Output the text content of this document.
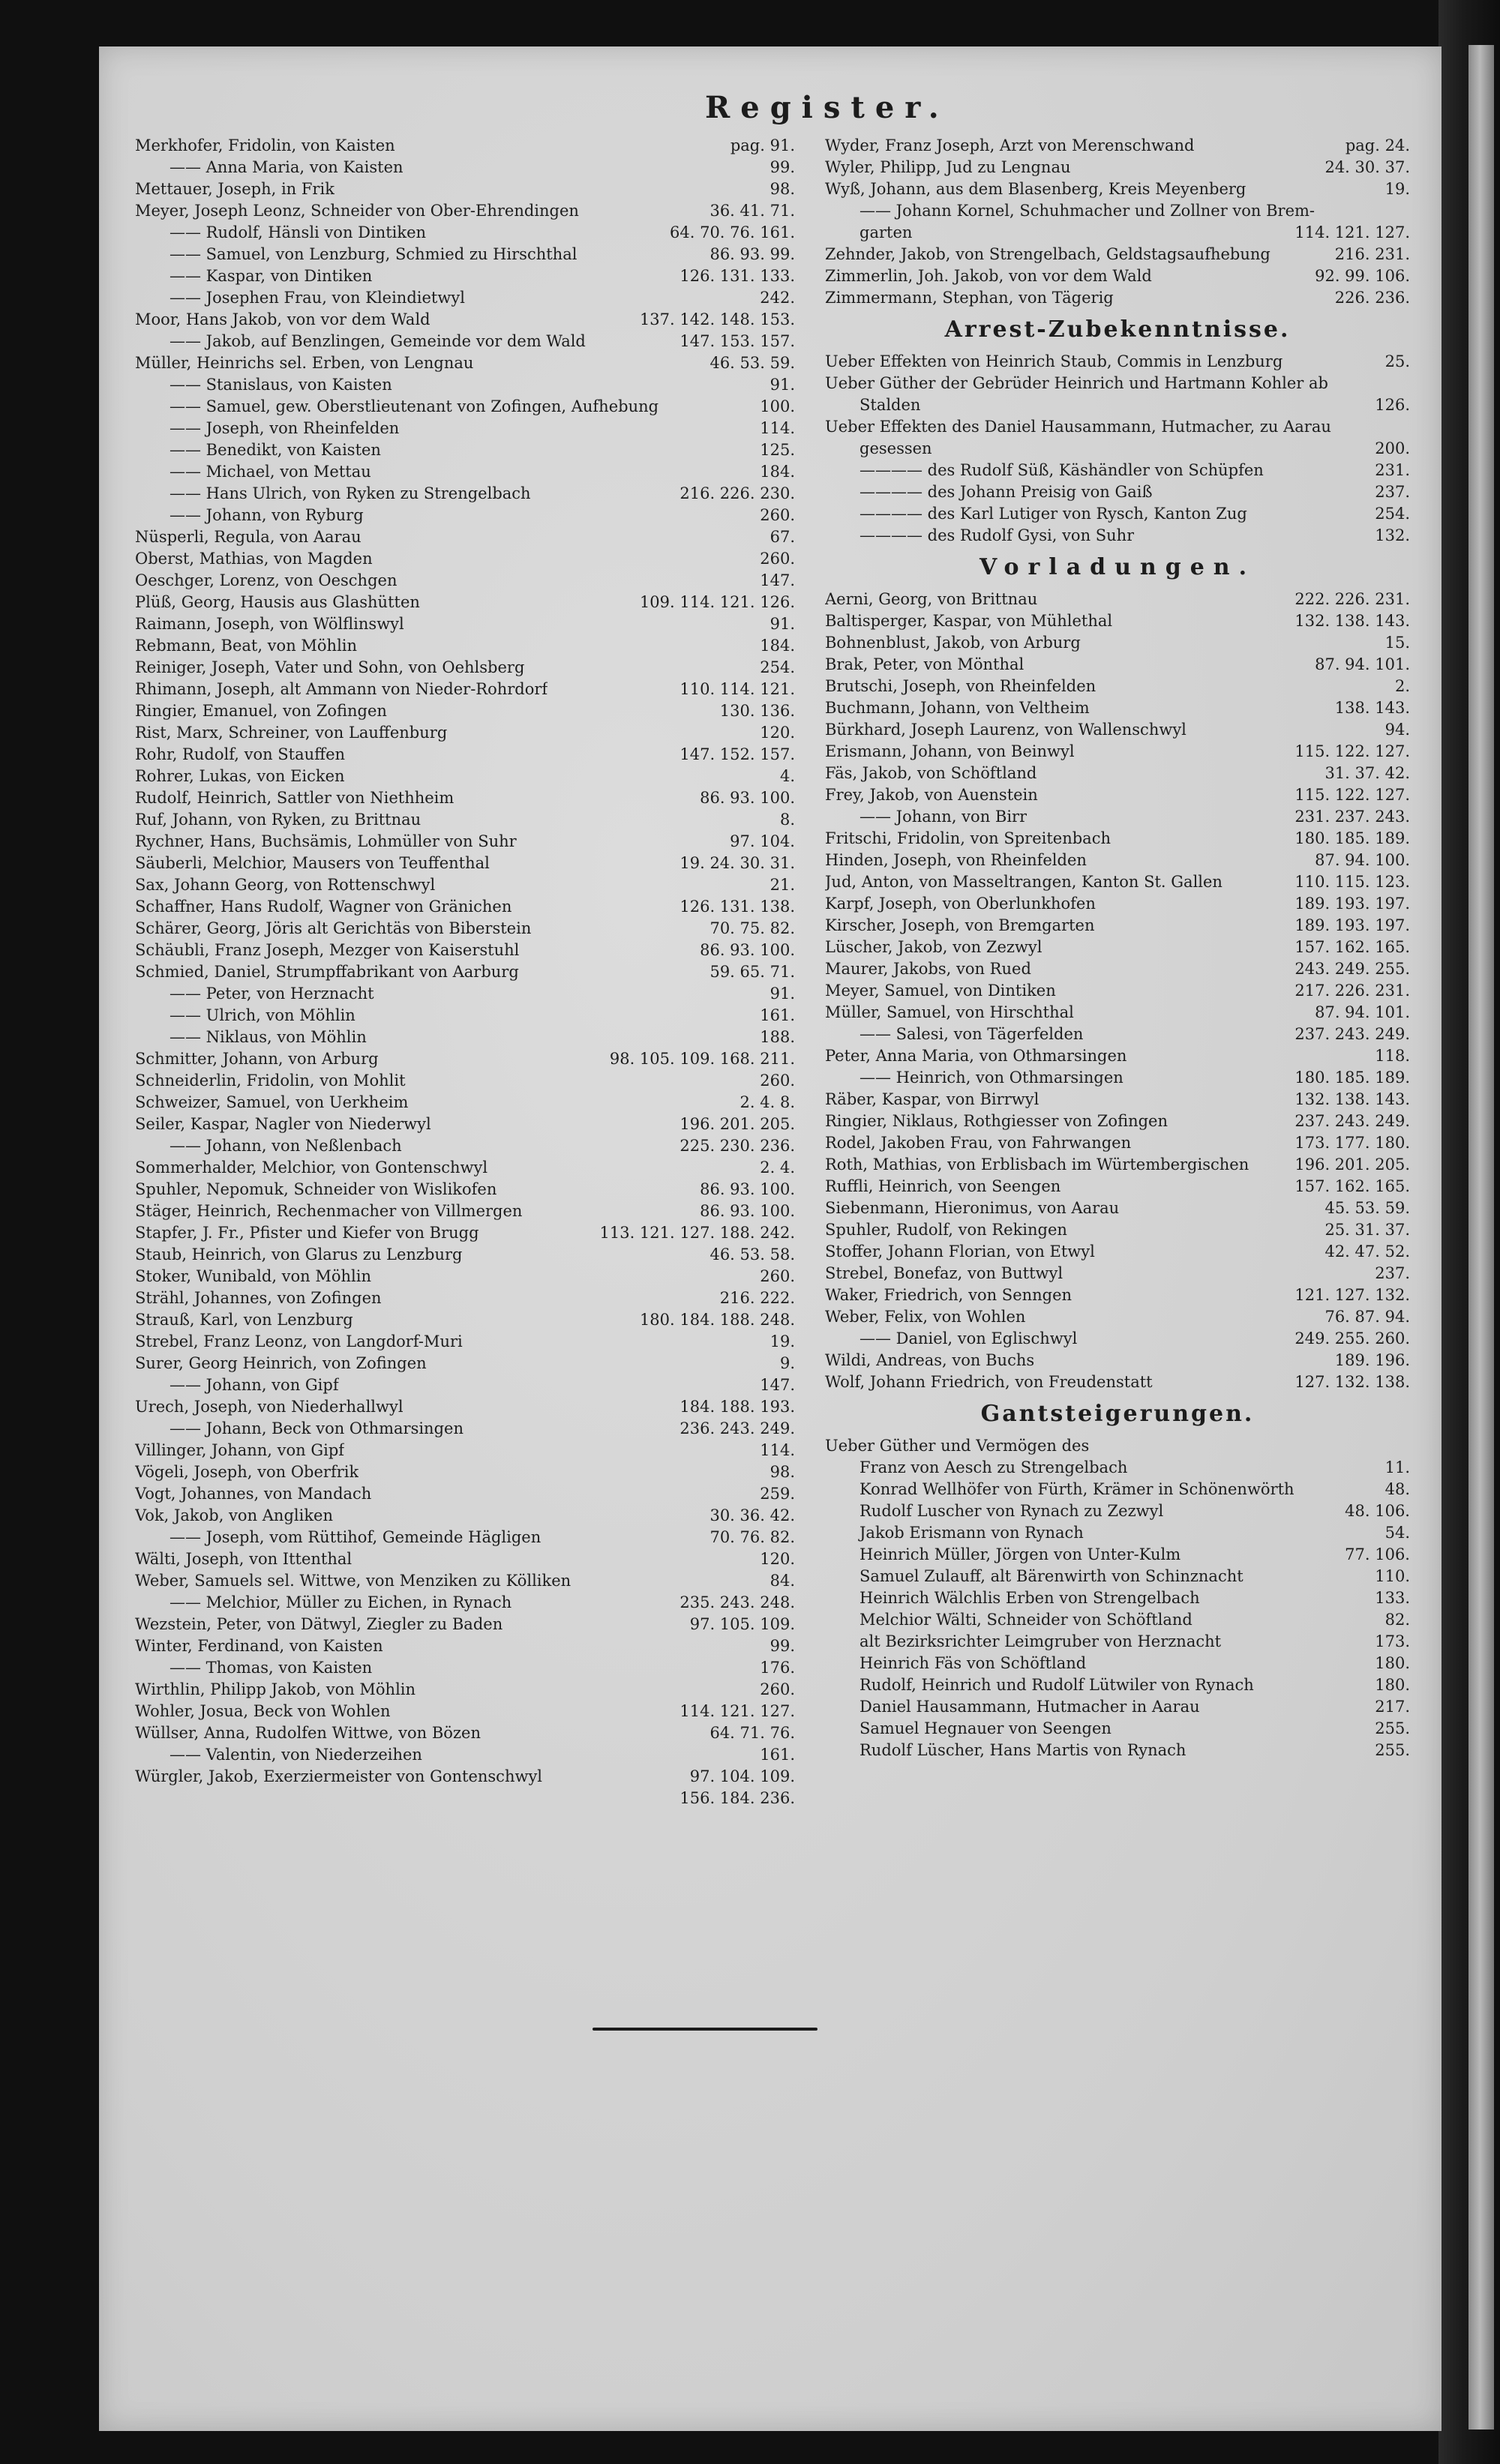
Register.
Merkhofer, Fridolin, von Kaisten	pag. 91.
—— Anna Maria, von Kaisten	99.
Mettauer, Joseph, in Frik	98.
Meyer, Joseph Leonz, Schneider von Ober-Ehrendingen	36. 41. 71.
—— Rudolf, Hänsli von Dintiken	64. 70. 76. 161.
—— Samuel, von Lenzburg, Schmied zu Hirschthal	86. 93. 99.
—— Kaspar, von Dintiken	126. 131. 133.
—— Josephen Frau, von Kleindietwyl	242.
Moor, Hans Jakob, von vor dem Wald	137. 142. 148. 153.
—— Jakob, auf Benzlingen, Gemeinde vor dem Wald	147. 153. 157.
Müller, Heinrichs sel. Erben, von Lengnau	46. 53. 59.
—— Stanislaus, von Kaisten	91.
—— Samuel, gew. Oberstlieutenant von Zofingen, Aufhebung	100.
—— Joseph, von Rheinfelden	114.
—— Benedikt, von Kaisten	125.
—— Michael, von Mettau	184.
—— Hans Ulrich, von Ryken zu Strengelbach	216. 226. 230.
—— Johann, von Ryburg	260.
Nüsperli, Regula, von Aarau	67.
Oberst, Mathias, von Magden	260.
Oeschger, Lorenz, von Oeschgen	147.
Plüß, Georg, Hausis aus Glashütten	109. 114. 121. 126.
Raimann, Joseph, von Wölflinswyl	91.
Rebmann, Beat, von Möhlin	184.
Reiniger, Joseph, Vater und Sohn, von Oehlsberg	254.
Rhimann, Joseph, alt Ammann von Nieder-Rohrdorf	110. 114. 121.
Ringier, Emanuel, von Zofingen	130. 136.
Rist, Marx, Schreiner, von Lauffenburg	120.
Rohr, Rudolf, von Stauffen	147. 152. 157.
Rohrer, Lukas, von Eicken	4.
Rudolf, Heinrich, Sattler von Niethheim	86. 93. 100.
Ruf, Johann, von Ryken, zu Brittnau	8.
Rychner, Hans, Buchsämis, Lohmüller von Suhr	97. 104.
Säuberli, Melchior, Mausers von Teuffenthal	19. 24. 30. 31.
Sax, Johann Georg, von Rottenschwyl	21.
Schaffner, Hans Rudolf, Wagner von Gränichen	126. 131. 138.
Schärer, Georg, Jöris alt Gerichtäs von Biberstein	70. 75. 82.
Schäubli, Franz Joseph, Mezger von Kaiserstuhl	86. 93. 100.
Schmied, Daniel, Strumpffabrikant von Aarburg	59. 65. 71.
—— Peter, von Herznacht	91.
—— Ulrich, von Möhlin	161.
—— Niklaus, von Möhlin	188.
Schmitter, Johann, von Arburg	98. 105. 109. 168. 211.
Schneiderlin, Fridolin, von Mohlit	260.
Schweizer, Samuel, von Uerkheim	2. 4. 8.
Seiler, Kaspar, Nagler von Niederwyl	196. 201. 205.
—— Johann, von Neßlenbach	225. 230. 236.
Sommerhalder, Melchior, von Gontenschwyl	2. 4.
Spuhler, Nepomuk, Schneider von Wislikofen	86. 93. 100.
Stäger, Heinrich, Rechenmacher von Villmergen	86. 93. 100.
Stapfer, J. Fr., Pfister und Kiefer von Brugg	113. 121. 127. 188. 242.
Staub, Heinrich, von Glarus zu Lenzburg	46. 53. 58.
Stoker, Wunibald, von Möhlin	260.
Strähl, Johannes, von Zofingen	216. 222.
Strauß, Karl, von Lenzburg	180. 184. 188. 248.
Strebel, Franz Leonz, von Langdorf-Muri	19.
Surer, Georg Heinrich, von Zofingen	9.
—— Johann, von Gipf	147.
Urech, Joseph, von Niederhallwyl	184. 188. 193.
—— Johann, Beck von Othmarsingen	236. 243. 249.
Villinger, Johann, von Gipf	114.
Vögeli, Joseph, von Oberfrik	98.
Vogt, Johannes, von Mandach	259.
Vok, Jakob, von Angliken	30. 36. 42.
—— Joseph, vom Rüttihof, Gemeinde Hägligen	70. 76. 82.
Wälti, Joseph, von Ittenthal	120.
Weber, Samuels sel. Wittwe, von Menziken zu Kölliken	84.
—— Melchior, Müller zu Eichen, in Rynach	235. 243. 248.
Wezstein, Peter, von Dätwyl, Ziegler zu Baden	97. 105. 109.
Winter, Ferdinand, von Kaisten	99.
—— Thomas, von Kaisten	176.
Wirthlin, Philipp Jakob, von Möhlin	260.
Wohler, Josua, Beck von Wohlen	114. 121. 127.
Wüllser, Anna, Rudolfen Wittwe, von Bözen	64. 71. 76.
—— Valentin, von Niederzeihen	161.
Würgler, Jakob, Exerziermeister von Gontenschwyl	97. 104. 109.
156. 184. 236.
Wyder, Franz Joseph, Arzt von Merenschwand	pag. 24.
Wyler, Philipp, Jud zu Lengnau	24. 30. 37.
Wyß, Johann, aus dem Blasenberg, Kreis Meyenberg	19.
—— Johann Kornel, Schuhmacher und Zollner von Brem-
garten	114. 121. 127.
Zehnder, Jakob, von Strengelbach, Geldstagsaufhebung	216. 231.
Zimmerlin, Joh. Jakob, von vor dem Wald	92. 99. 106.
Zimmermann, Stephan, von Tägerig	226. 236.
Arrest-Zubekenntnisse.
Ueber Effekten von Heinrich Staub, Commis in Lenzburg	25.
Ueber Güther der Gebrüder Heinrich und Hartmann Kohler ab
Stalden	126.
Ueber Effekten des Daniel Hausammann, Hutmacher, zu Aarau
gesessen	200.
———— des Rudolf Süß, Käshändler von Schüpfen	231.
———— des Johann Preisig von Gaiß	237.
———— des Karl Lutiger von Rysch, Kanton Zug	254.
———— des Rudolf Gysi, von Suhr	132.
Vorladungen.
Aerni, Georg, von Brittnau	222. 226. 231.
Baltisperger, Kaspar, von Mühlethal	132. 138. 143.
Bohnenblust, Jakob, von Arburg	15.
Brak, Peter, von Mönthal	87. 94. 101.
Brutschi, Joseph, von Rheinfelden	2.
Buchmann, Johann, von Veltheim	138. 143.
Bürkhard, Joseph Laurenz, von Wallenschwyl	94.
Erismann, Johann, von Beinwyl	115. 122. 127.
Fäs, Jakob, von Schöftland	31. 37. 42.
Frey, Jakob, von Auenstein	115. 122. 127.
—— Johann, von Birr	231. 237. 243.
Fritschi, Fridolin, von Spreitenbach	180. 185. 189.
Hinden, Joseph, von Rheinfelden	87. 94. 100.
Jud, Anton, von Masseltrangen, Kanton St. Gallen	110. 115. 123.
Karpf, Joseph, von Oberlunkhofen	189. 193. 197.
Kirscher, Joseph, von Bremgarten	189. 193. 197.
Lüscher, Jakob, von Zezwyl	157. 162. 165.
Maurer, Jakobs, von Rued	243. 249. 255.
Meyer, Samuel, von Dintiken	217. 226. 231.
Müller, Samuel, von Hirschthal	87. 94. 101.
—— Salesi, von Tägerfelden	237. 243. 249.
Peter, Anna Maria, von Othmarsingen	118.
—— Heinrich, von Othmarsingen	180. 185. 189.
Räber, Kaspar, von Birrwyl	132. 138. 143.
Ringier, Niklaus, Rothgiesser von Zofingen	237. 243. 249.
Rodel, Jakoben Frau, von Fahrwangen	173. 177. 180.
Roth, Mathias, von Erblisbach im Würtembergischen	196. 201. 205.
Ruffli, Heinrich, von Seengen	157. 162. 165.
Siebenmann, Hieronimus, von Aarau	45. 53. 59.
Spuhler, Rudolf, von Rekingen	25. 31. 37.
Stoffer, Johann Florian, von Etwyl	42. 47. 52.
Strebel, Bonefaz, von Buttwyl	237.
Waker, Friedrich, von Senngen	121. 127. 132.
Weber, Felix, von Wohlen	76. 87. 94.
—— Daniel, von Eglischwyl	249. 255. 260.
Wildi, Andreas, von Buchs	189. 196.
Wolf, Johann Friedrich, von Freudenstatt	127. 132. 138.
Gantsteigerungen.
Ueber Güther und Vermögen des
Franz von Aesch zu Strengelbach	11.
Konrad Wellhöfer von Fürth, Krämer in Schönenwörth	48.
Rudolf Luscher von Rynach zu Zezwyl	48. 106.
Jakob Erismann von Rynach	54.
Heinrich Müller, Jörgen von Unter-Kulm	77. 106.
Samuel Zulauff, alt Bärenwirth von Schinznacht	110.
Heinrich Wälchlis Erben von Strengelbach	133.
Melchior Wälti, Schneider von Schöftland	82.
alt Bezirksrichter Leimgruber von Herznacht	173.
Heinrich Fäs von Schöftland	180.
Rudolf, Heinrich und Rudolf Lütwiler von Rynach	180.
Daniel Hausammann, Hutmacher in Aarau	217.
Samuel Hegnauer von Seengen	255.
Rudolf Lüscher, Hans Martis von Rynach	255.
